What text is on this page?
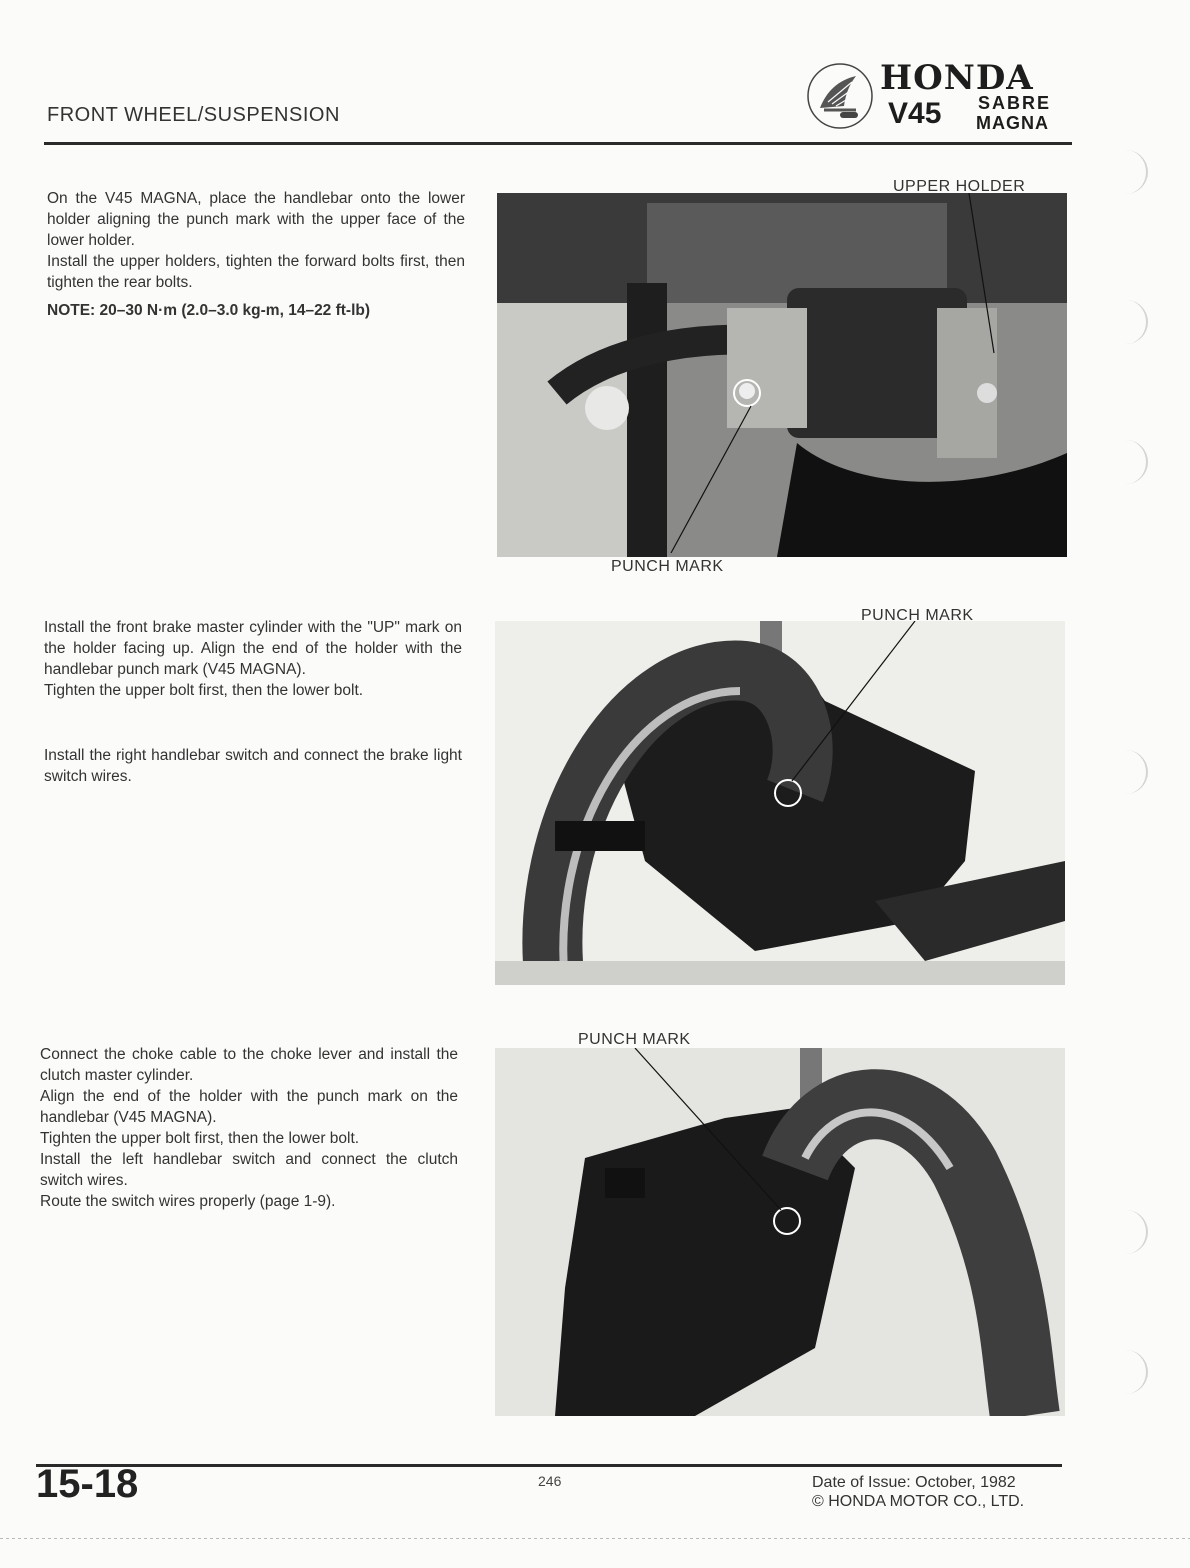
FRONT WHEEL/SUSPENSION
HONDA
V45 SABRE
MAGNA
On the V45 MAGNA, place the handlebar onto the lower holder aligning the punch mark with the upper face of the lower holder.
Install the upper holders, tighten the forward bolts first, then tighten the rear bolts.
NOTE: 20–30 N·m (2.0–3.0 kg-m, 14–22 ft-lb)
UPPER HOLDER
PUNCH MARK
Install the front brake master cylinder with the "UP" mark on the holder facing up. Align the end of the holder with the handlebar punch mark (V45 MAGNA).
Tighten the upper bolt first, then the lower bolt.
Install the right handlebar switch and connect the brake light switch wires.
PUNCH MARK
Connect the choke cable to the choke lever and install the clutch master cylinder.
Align the end of the holder with the punch mark on the handlebar (V45 MAGNA).
Tighten the upper bolt first, then the lower bolt.
Install the left handlebar switch and connect the clutch switch wires.
Route the switch wires properly (page 1-9).
PUNCH MARK
15-18	246	Date of Issue: October, 1982
© HONDA MOTOR CO., LTD.
